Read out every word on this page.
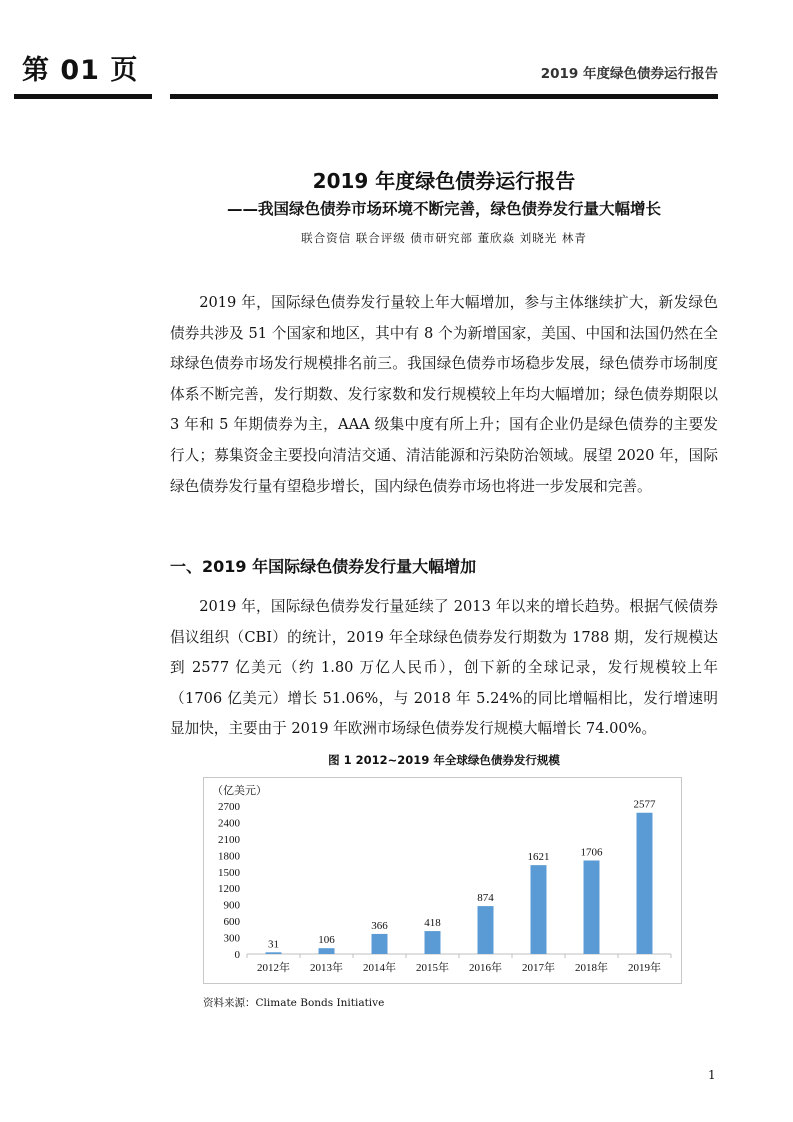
第 01 页	2019 年度绿色债券运行报告
2019 年度绿色债券运行报告
——我国绿色债券市场环境不断完善，绿色债券发行量大幅增长
联合资信 联合评级 债市研究部 董欣焱 刘晓光 林青

2019 年，国际绿色债券发行量较上年大幅增加，参与主体继续扩大，新发绿色债券共涉及 51 个国家和地区，其中有 8 个为新增国家，美国、中国和法国仍然在全球绿色债券市场发行规模排名前三。我国绿色债券市场稳步发展，绿色债券市场制度体系不断完善，发行期数、发行家数和发行规模较上年均大幅增加；绿色债券期限以 3 年和 5 年期债券为主，AAA 级集中度有所上升；国有企业仍是绿色债券的主要发行人；募集资金主要投向清洁交通、清洁能源和污染防治领域。展望 2020 年，国际绿色债券发行量有望稳步增长，国内绿色债券市场也将进一步发展和完善。

一、2019 年国际绿色债券发行量大幅增加

2019 年，国际绿色债券发行量延续了 2013 年以来的增长趋势。根据气候债券倡议组织（CBI）的统计，2019 年全球绿色债券发行期数为 1788 期，发行规模达到 2577 亿美元（约 1.80 万亿人民币），创下新的全球记录，发行规模较上年（1706 亿美元）增长 51.06%，与 2018 年 5.24%的同比增幅相比，发行增速明显加快，主要由于 2019 年欧洲市场绿色债券发行规模大幅增长 74.00%。

图 1 2012~2019 年全球绿色债券发行规模
（亿美元）
0
300
600
900
1200
1500
1800
2100
2400
2700
31
2012年
106
2013年
366
2014年
418
2015年
874
2016年
1621
2017年
1706
2018年
2577
2019年
资料来源：Climate Bonds Initiative
1
